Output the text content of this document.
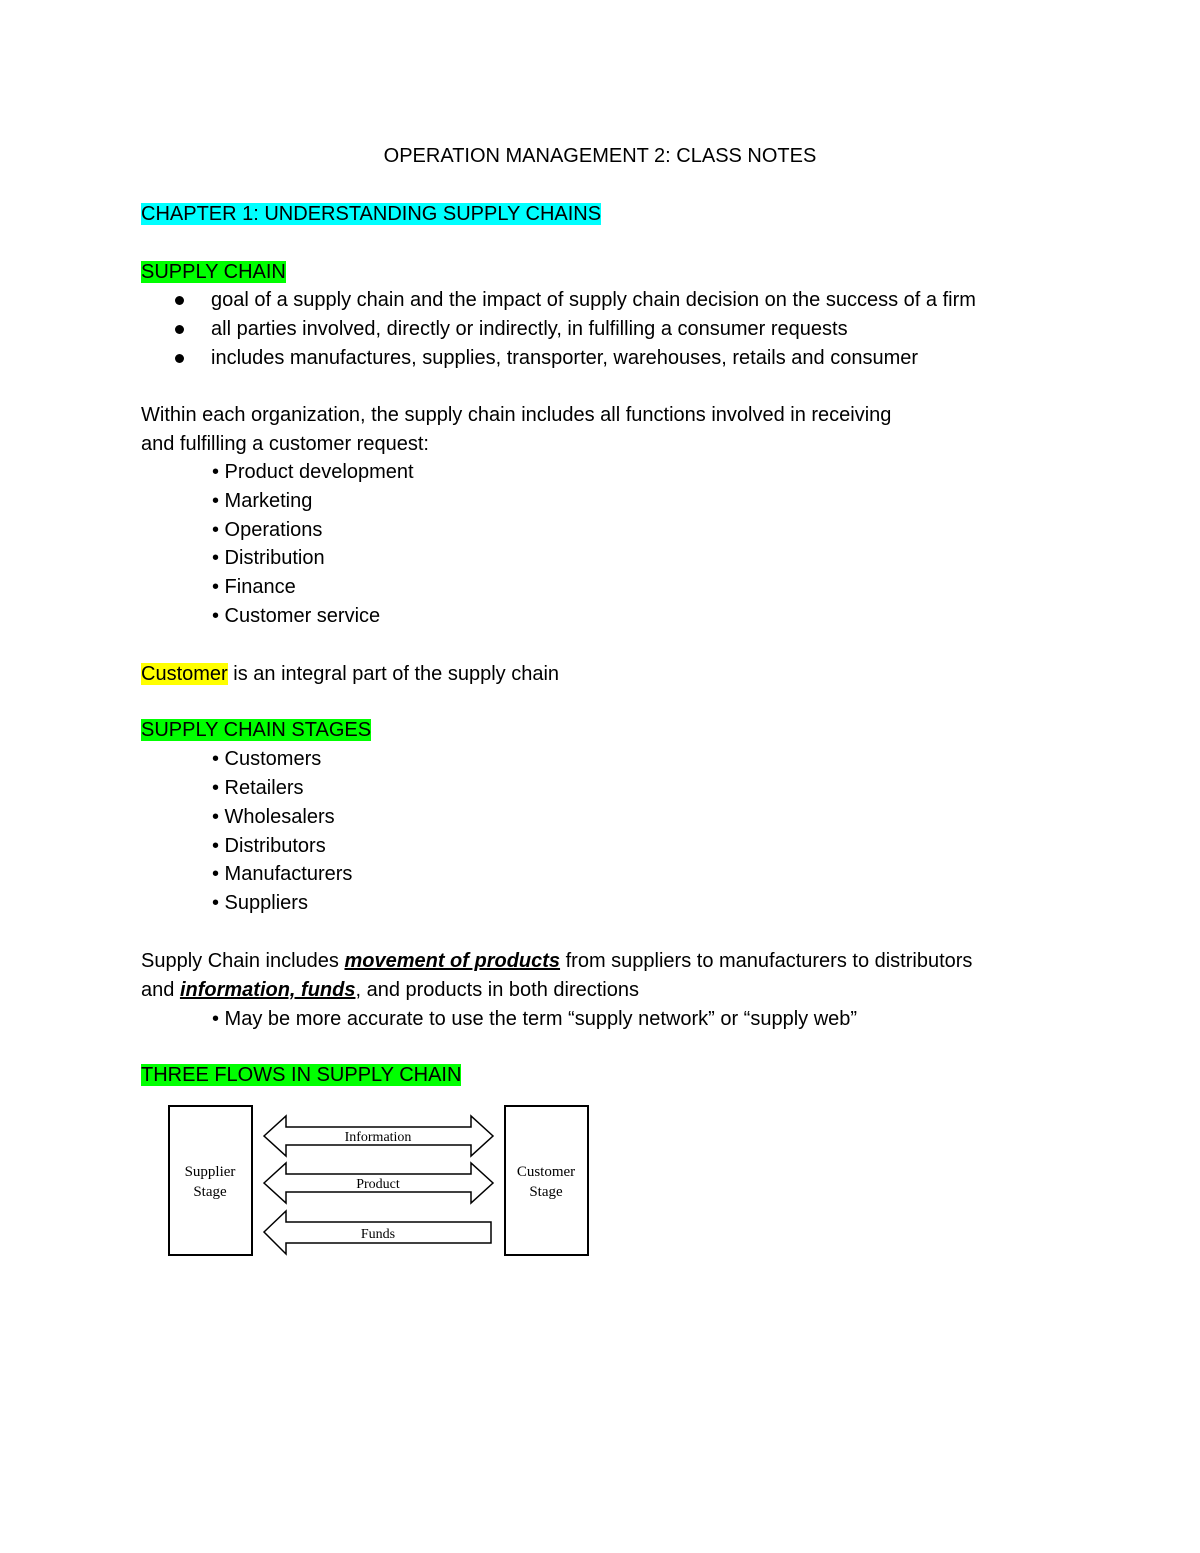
OPERATION MANAGEMENT 2: CLASS NOTES
CHAPTER 1: UNDERSTANDING SUPPLY CHAINS
SUPPLY CHAIN
goal of a supply chain and the impact of supply chain decision on the success of a firm
all parties involved, directly or indirectly, in fulfilling a consumer requests
includes manufactures, supplies, transporter, warehouses, retails and consumer
Within each organization, the supply chain includes all functions involved in receiving
and fulfilling a customer request:
• Product development
• Marketing
• Operations
• Distribution
• Finance
• Customer service
Customer is an integral part of the supply chain
SUPPLY CHAIN STAGES
• Customers
• Retailers
• Wholesalers
• Distributors
• Manufacturers
• Suppliers
Supply Chain includes movement of products from suppliers to manufacturers to distributors
and information, funds, and products in both directions
• May be more accurate to use the term “supply network” or “supply web”
THREE FLOWS IN SUPPLY CHAIN
Supplier
Stage
Customer
Stage
Information
Product
Funds
